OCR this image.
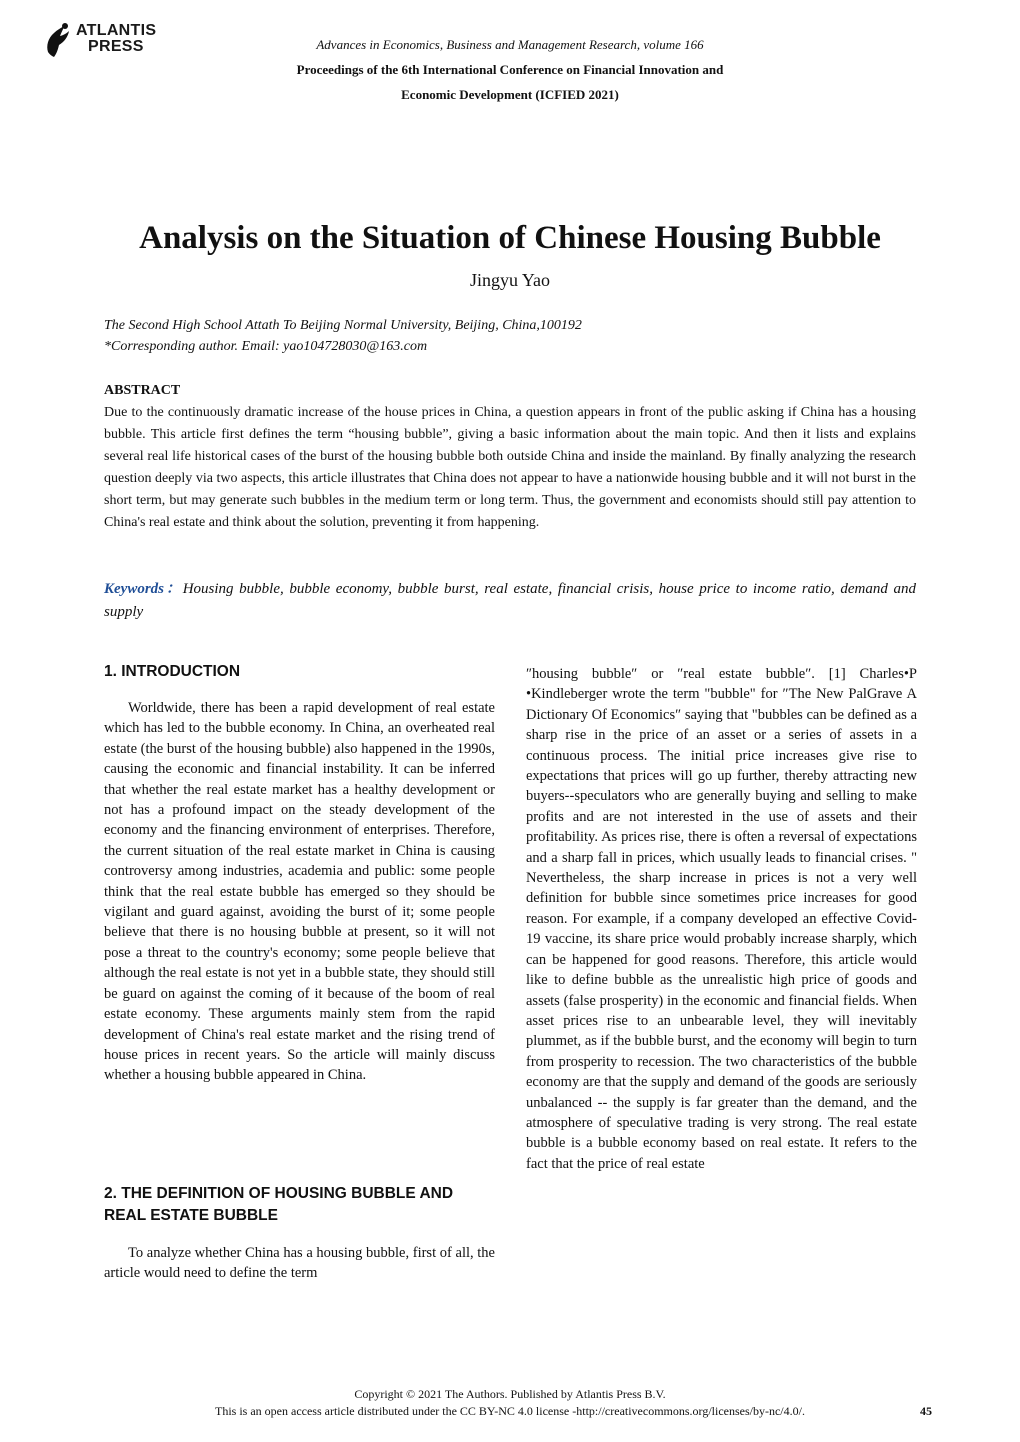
ATLANTIS
PRESS	Advances in Economics, Business and Management Research, volume 166
Proceedings of the 6th International Conference on Financial Innovation and
Economic Development (ICFIED 2021)
Analysis on the Situation of Chinese Housing Bubble
Jingyu Yao
The Second High School Attath To Beijing Normal University, Beijing, China,100192
*Corresponding author. Email: yao104728030@163.com
ABSTRACT

Due to the continuously dramatic increase of the house prices in China, a question appears in front of the public asking if China has a housing bubble. This article first defines the term “housing bubble”, giving a basic information about the main topic. And then it lists and explains several real life historical cases of the burst of the housing bubble both outside China and inside the mainland. By finally analyzing the research question deeply via two aspects, this article illustrates that China does not appear to have a nationwide housing bubble and it will not burst in the short term, but may generate such bubbles in the medium term or long term. Thus, the government and economists should still pay attention to China's real estate and think about the solution, preventing it from happening.

Keywords：Housing bubble, bubble economy, bubble burst, real estate, financial crisis, house price to income ratio, demand and supply

1. INTRODUCTION

Worldwide, there has been a rapid development of real estate which has led to the bubble economy. In China, an overheated real estate (the burst of the housing bubble) also happened in the 1990s, causing the economic and financial instability. It can be inferred that whether the real estate market has a healthy development or not has a profound impact on the steady development of the economy and the financing environment of enterprises. Therefore, the current situation of the real estate market in China is causing controversy among industries, academia and public: some people think that the real estate bubble has emerged so they should be vigilant and guard against, avoiding the burst of it; some people believe that there is no housing bubble at present, so it will not pose a threat to the country's economy; some people believe that although the real estate is not yet in a bubble state, they should still be guard on against the coming of it because of the boom of real estate economy. These arguments mainly stem from the rapid development of China's real estate market and the rising trend of house prices in recent years. So the article will mainly discuss whether a housing bubble appeared in China.

2. THE DEFINITION OF HOUSING BUBBLE AND REAL ESTATE BUBBLE

To analyze whether China has a housing bubble, first of all, the article would need to define the term

″housing bubble″ or ″real estate bubble″. [1] Charles•P •Kindleberger wrote the term "bubble" for ″The New PalGrave A Dictionary Of Economics″ saying that "bubbles can be defined as a sharp rise in the price of an asset or a series of assets in a continuous process. The initial price increases give rise to expectations that prices will go up further, thereby attracting new buyers--speculators who are generally buying and selling to make profits and are not interested in the use of assets and their profitability. As prices rise, there is often a reversal of expectations and a sharp fall in prices, which usually leads to financial crises. " Nevertheless, the sharp increase in prices is not a very well definition for bubble since sometimes price increases for good reason. For example, if a company developed an effective Covid-19 vaccine, its share price would probably increase sharply, which can be happened for good reasons. Therefore, this article would like to define bubble as the unrealistic high price of goods and assets (false prosperity) in the economic and financial fields. When asset prices rise to an unbearable level, they will inevitably plummet, as if the bubble burst, and the economy will begin to turn from prosperity to recession. The two characteristics of the bubble economy are that the supply and demand of the goods are seriously unbalanced -- the supply is far greater than the demand, and the atmosphere of speculative trading is very strong. The real estate bubble is a bubble economy based on real estate. It refers to the fact that the price of real estate

Copyright © 2021 The Authors. Published by Atlantis Press B.V.
This is an open access article distributed under the CC BY-NC 4.0 license -http://creativecommons.org/licenses/by-nc/4.0/.	45
